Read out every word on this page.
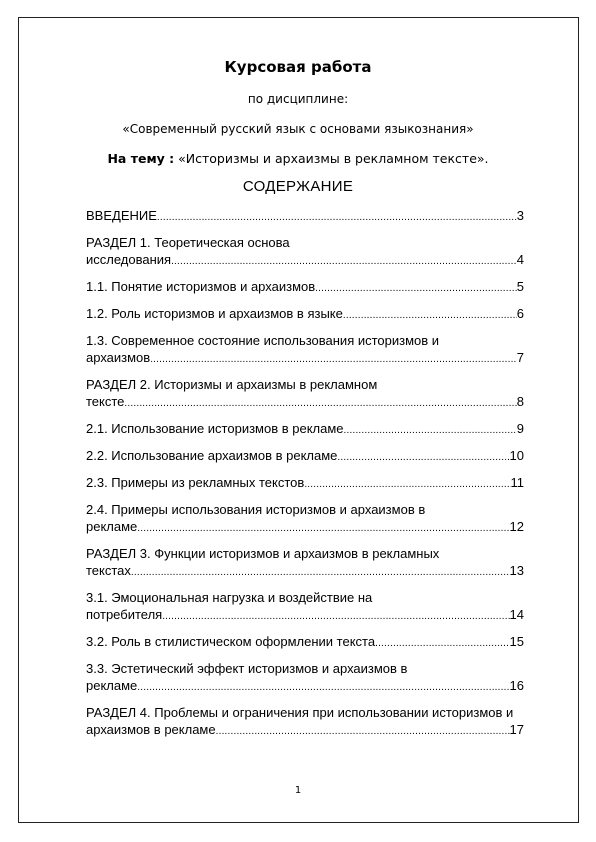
Курсовая работа
по дисциплине:
«Современный русский язык с основами языкознания»
На тему : «Историзмы и архаизмы в рекламном тексте».
СОДЕРЖАНИЕ
ВВЕДЕНИЕ .....	3
РАЗДЕЛ 1. Теоретическая основа
исследования .....	4
1.1. Понятие историзмов и архаизмов .....	5
1.2. Роль историзмов и архаизмов в языке .....	6
1.3. Современное состояние использования историзмов и
архаизмов .....	7
РАЗДЕЛ 2. Историзмы и архаизмы в рекламном
тексте .....	8
2.1. Использование историзмов в рекламе .....	9
2.2. Использование архаизмов в рекламе .....	10
2.3. Примеры из рекламных текстов .....	11
2.4. Примеры использования историзмов и архаизмов в
рекламе .....	12
РАЗДЕЛ 3. Функции историзмов и архаизмов в рекламных
текстах .....	13
3.1. Эмоциональная нагрузка и воздействие на
потребителя .....	14
3.2. Роль в стилистическом оформлении текста .....	15
3.3. Эстетический эффект историзмов и архаизмов в
рекламе .....	16
РАЗДЕЛ 4. Проблемы и ограничения при использовании историзмов и
архаизмов в рекламе .....	17
1
